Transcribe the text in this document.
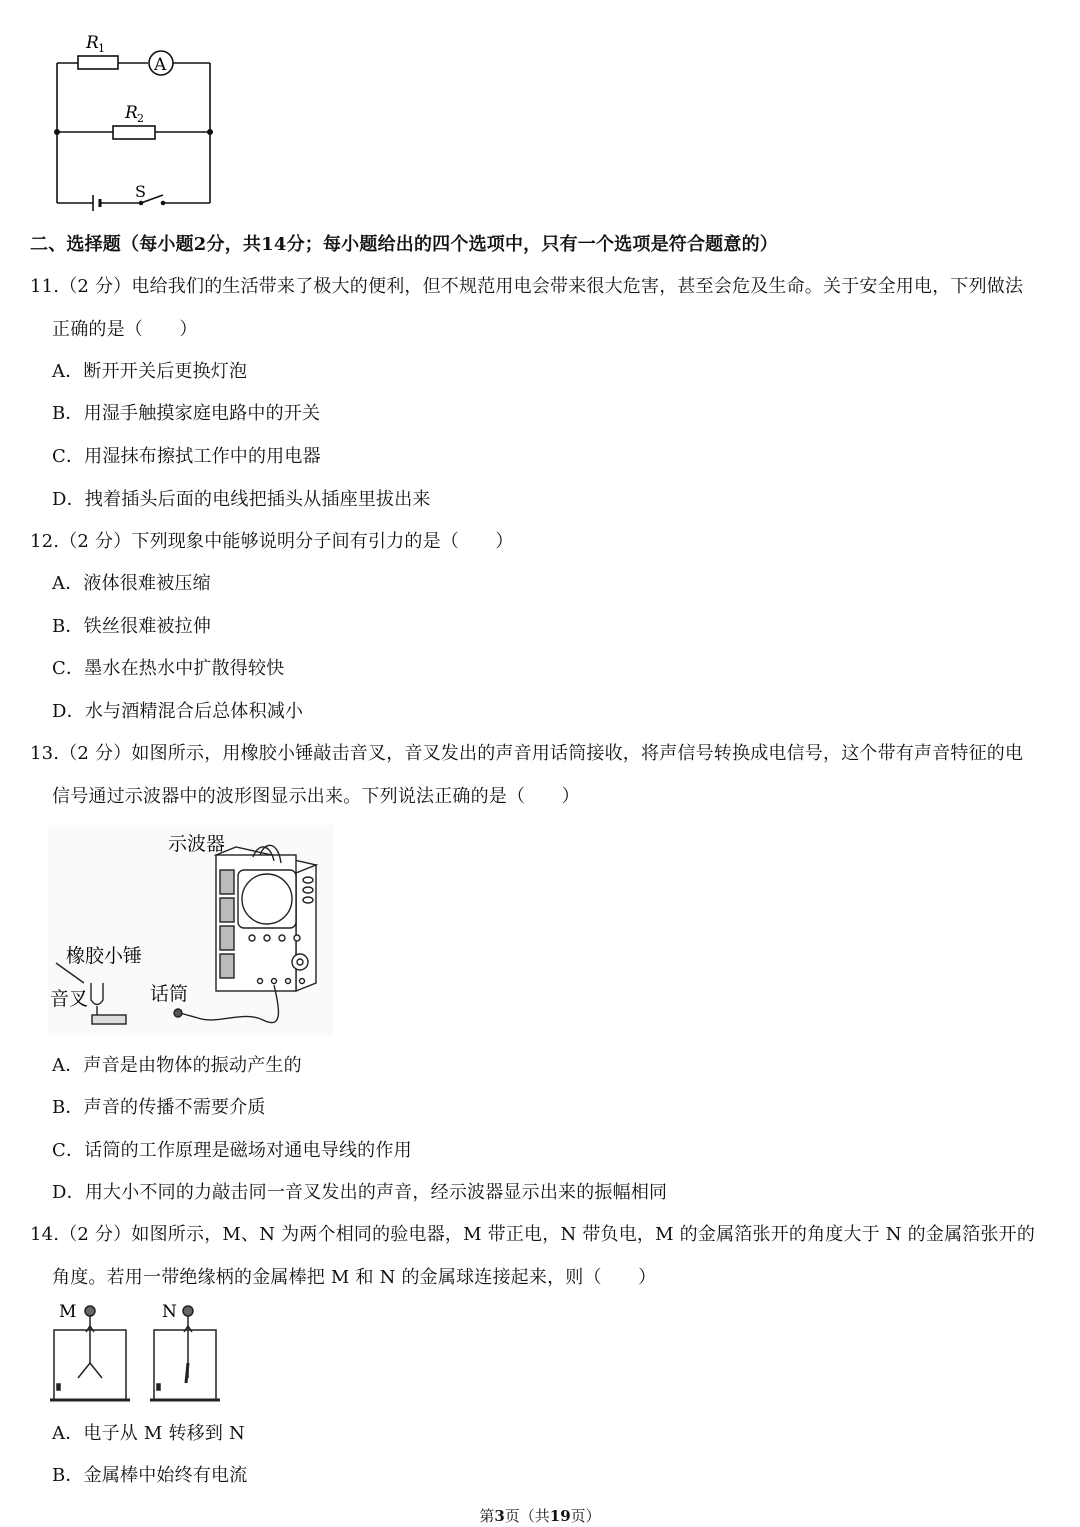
A
R 1
R 2
S
二、选择题（每小题2分，共14分；每小题给出的四个选项中，只有一个选项是符合题意的）
11.（2 分）电给我们的生活带来了极大的便利，但不规范用电会带来很大危害，甚至会危及生命。关于安全用电，下列做法
正确的是（　　）
A．断开开关后更换灯泡
B．用湿手触摸家庭电路中的开关
C．用湿抹布擦拭工作中的用电器
D．拽着插头后面的电线把插头从插座里拔出来
12.（2 分）下列现象中能够说明分子间有引力的是（　　）
A．液体很难被压缩
B．铁丝很难被拉伸
C．墨水在热水中扩散得较快
D．水与酒精混合后总体积减小
13.（2 分）如图所示，用橡胶小锤敲击音叉，音叉发出的声音用话筒接收，将声信号转换成电信号，这个带有声音特征的电
信号通过示波器中的波形图显示出来。下列说法正确的是（　　）
示波器
橡胶小锤
音叉	话筒
A．声音是由物体的振动产生的
B．声音的传播不需要介质
C．话筒的工作原理是磁场对通电导线的作用
D．用大小不同的力敲击同一音叉发出的声音，经示波器显示出来的振幅相同
14.（2 分）如图所示，M、N 为两个相同的验电器，M 带正电，N 带负电，M 的金属箔张开的角度大于 N 的金属箔张开的
角度。若用一带绝缘柄的金属棒把 M 和 N 的金属球连接起来，则（　　）
M	N
A．电子从 M 转移到 N
B．金属棒中始终有电流
第3页（共19页）
